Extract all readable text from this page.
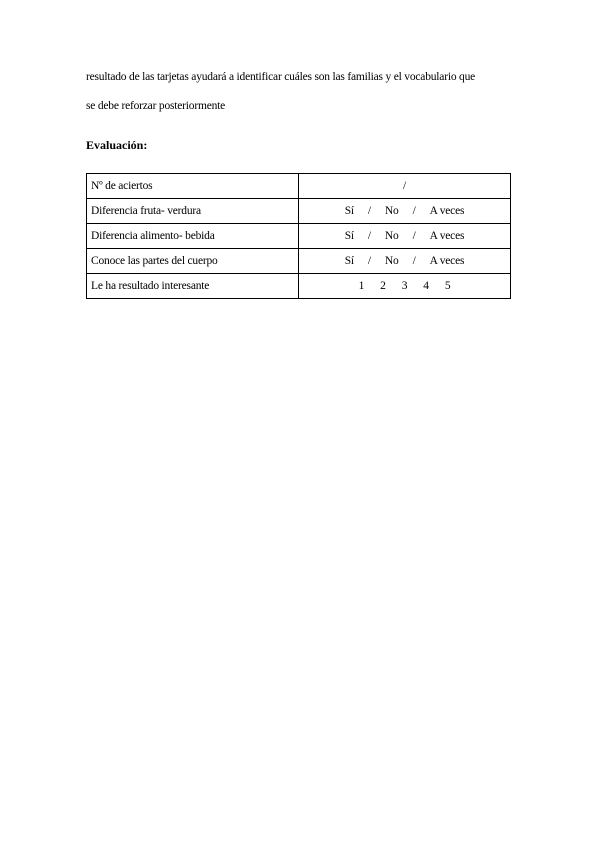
resultado de las tarjetas ayudará a identificar cuáles son las familias y el vocabulario que
se debe reforzar posteriormente
Evaluación:
Nº de aciertos	/
Diferencia fruta- verdura	Sí / No / A veces
Diferencia alimento- bebida	Sí / No / A veces
Conoce las partes del cuerpo	Sí / No / A veces
Le ha resultado interesante	1 2 3 4 5
